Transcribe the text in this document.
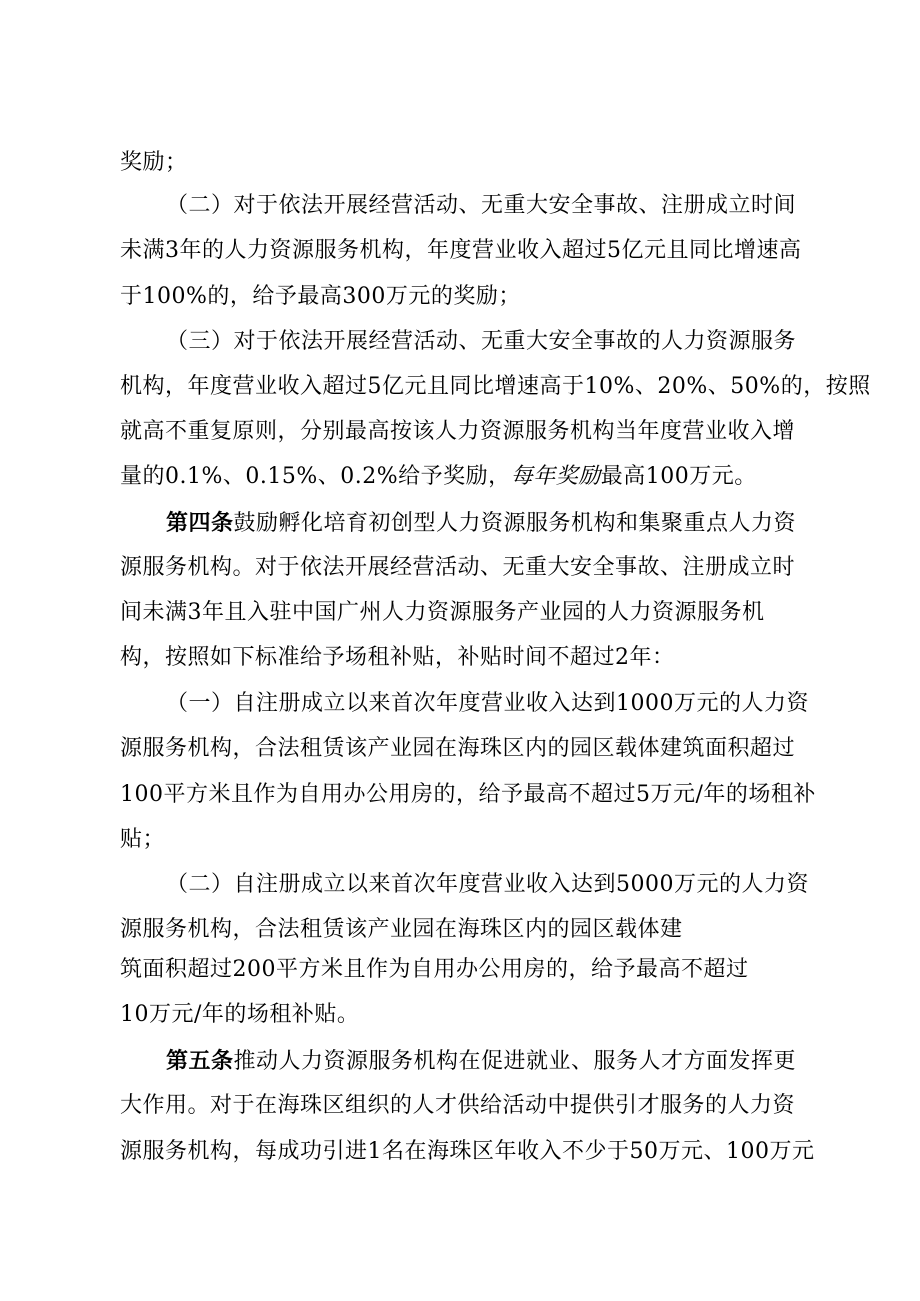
奖励；
（二）对于依法开展经营活动、无重大安全事故、注册成立时间
未满3年的人力资源服务机构，年度营业收入超过5亿元且同比增速高
于100%的，给予最高300万元的奖励；
（三）对于依法开展经营活动、无重大安全事故的人力资源服务
机构，年度营业收入超过5亿元且同比增速高于10%、20%、50%的，按照
就高不重复原则，分别最高按该人力资源服务机构当年度营业收入增
量的0.1%、0.15%、0.2%给予奖励，每年奖励最高100万元。
第四条鼓励孵化培育初创型人力资源服务机构和集聚重点人力资
源服务机构。对于依法开展经营活动、无重大安全事故、注册成立时
间未满3年且入驻中国广州人力资源服务产业园的人力资源服务机
构，按照如下标准给予场租补贴，补贴时间不超过2年：
（一）自注册成立以来首次年度营业收入达到1000万元的人力资
源服务机构，合法租赁该产业园在海珠区内的园区载体建筑面积超过
100平方米且作为自用办公用房的，给予最高不超过5万元/年的场租补
贴；
（二）自注册成立以来首次年度营业收入达到5000万元的人力资
源服务机构，合法租赁该产业园在海珠区内的园区载体建
筑面积超过200平方米且作为自用办公用房的，给予最高不超过
10万元/年的场租补贴。
第五条推动人力资源服务机构在促进就业、服务人才方面发挥更
大作用。对于在海珠区组织的人才供给活动中提供引才服务的人力资
源服务机构，每成功引进1名在海珠区年收入不少于50万元、100万元
